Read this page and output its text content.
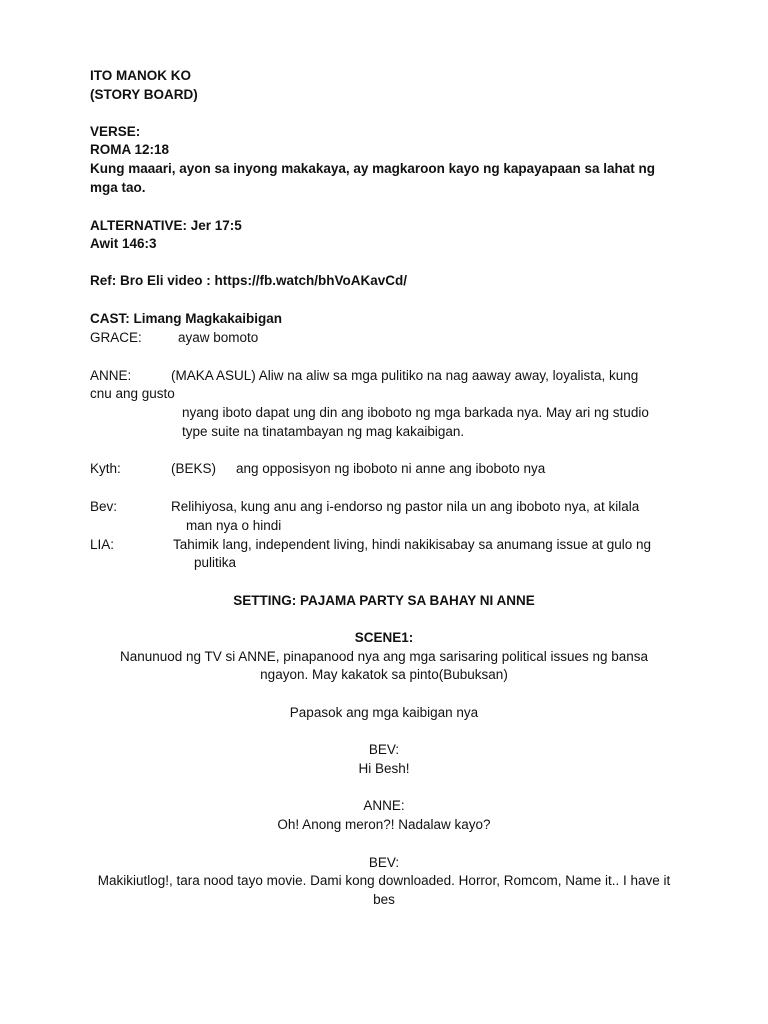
ITO MANOK KO
(STORY BOARD)
VERSE:
ROMA 12:18
Kung maaari, ayon sa inyong makakaya, ay magkaroon kayo ng kapayapaan sa lahat ng
mga tao.
ALTERNATIVE: Jer 17:5
Awit 146:3
Ref: Bro Eli video : https://fb.watch/bhVoAKavCd/
CAST: Limang Magkakaibigan
GRACE:	ayaw bomoto
ANNE:	(MAKA ASUL) Aliw na aliw sa mga pulitiko na nag aaway away, loyalista, kung
cnu ang gusto
nyang iboto dapat ung din ang iboboto ng mga barkada nya. May ari ng studio
type suite na tinatambayan ng mag kakaibigan.
Kyth:	(BEKS) ang opposisyon ng iboboto ni anne ang iboboto nya
Bev:	Relihiyosa, kung anu ang i-endorso ng pastor nila un ang iboboto nya, at kilala
man nya o hindi
LIA:	Tahimik lang, independent living, hindi nakikisabay sa anumang issue at gulo ng
pulitika
SETTING: PAJAMA PARTY SA BAHAY NI ANNE
SCENE1:
Nanunuod ng TV si ANNE, pinapanood nya ang mga sarisaring political issues ng bansa
ngayon. May kakatok sa pinto(Bubuksan)
Papasok ang mga kaibigan nya
BEV:
Hi Besh!
ANNE:
Oh! Anong meron?! Nadalaw kayo?
BEV:
Makikiutlog!, tara nood tayo movie. Dami kong downloaded. Horror, Romcom, Name it.. I have it
bes
